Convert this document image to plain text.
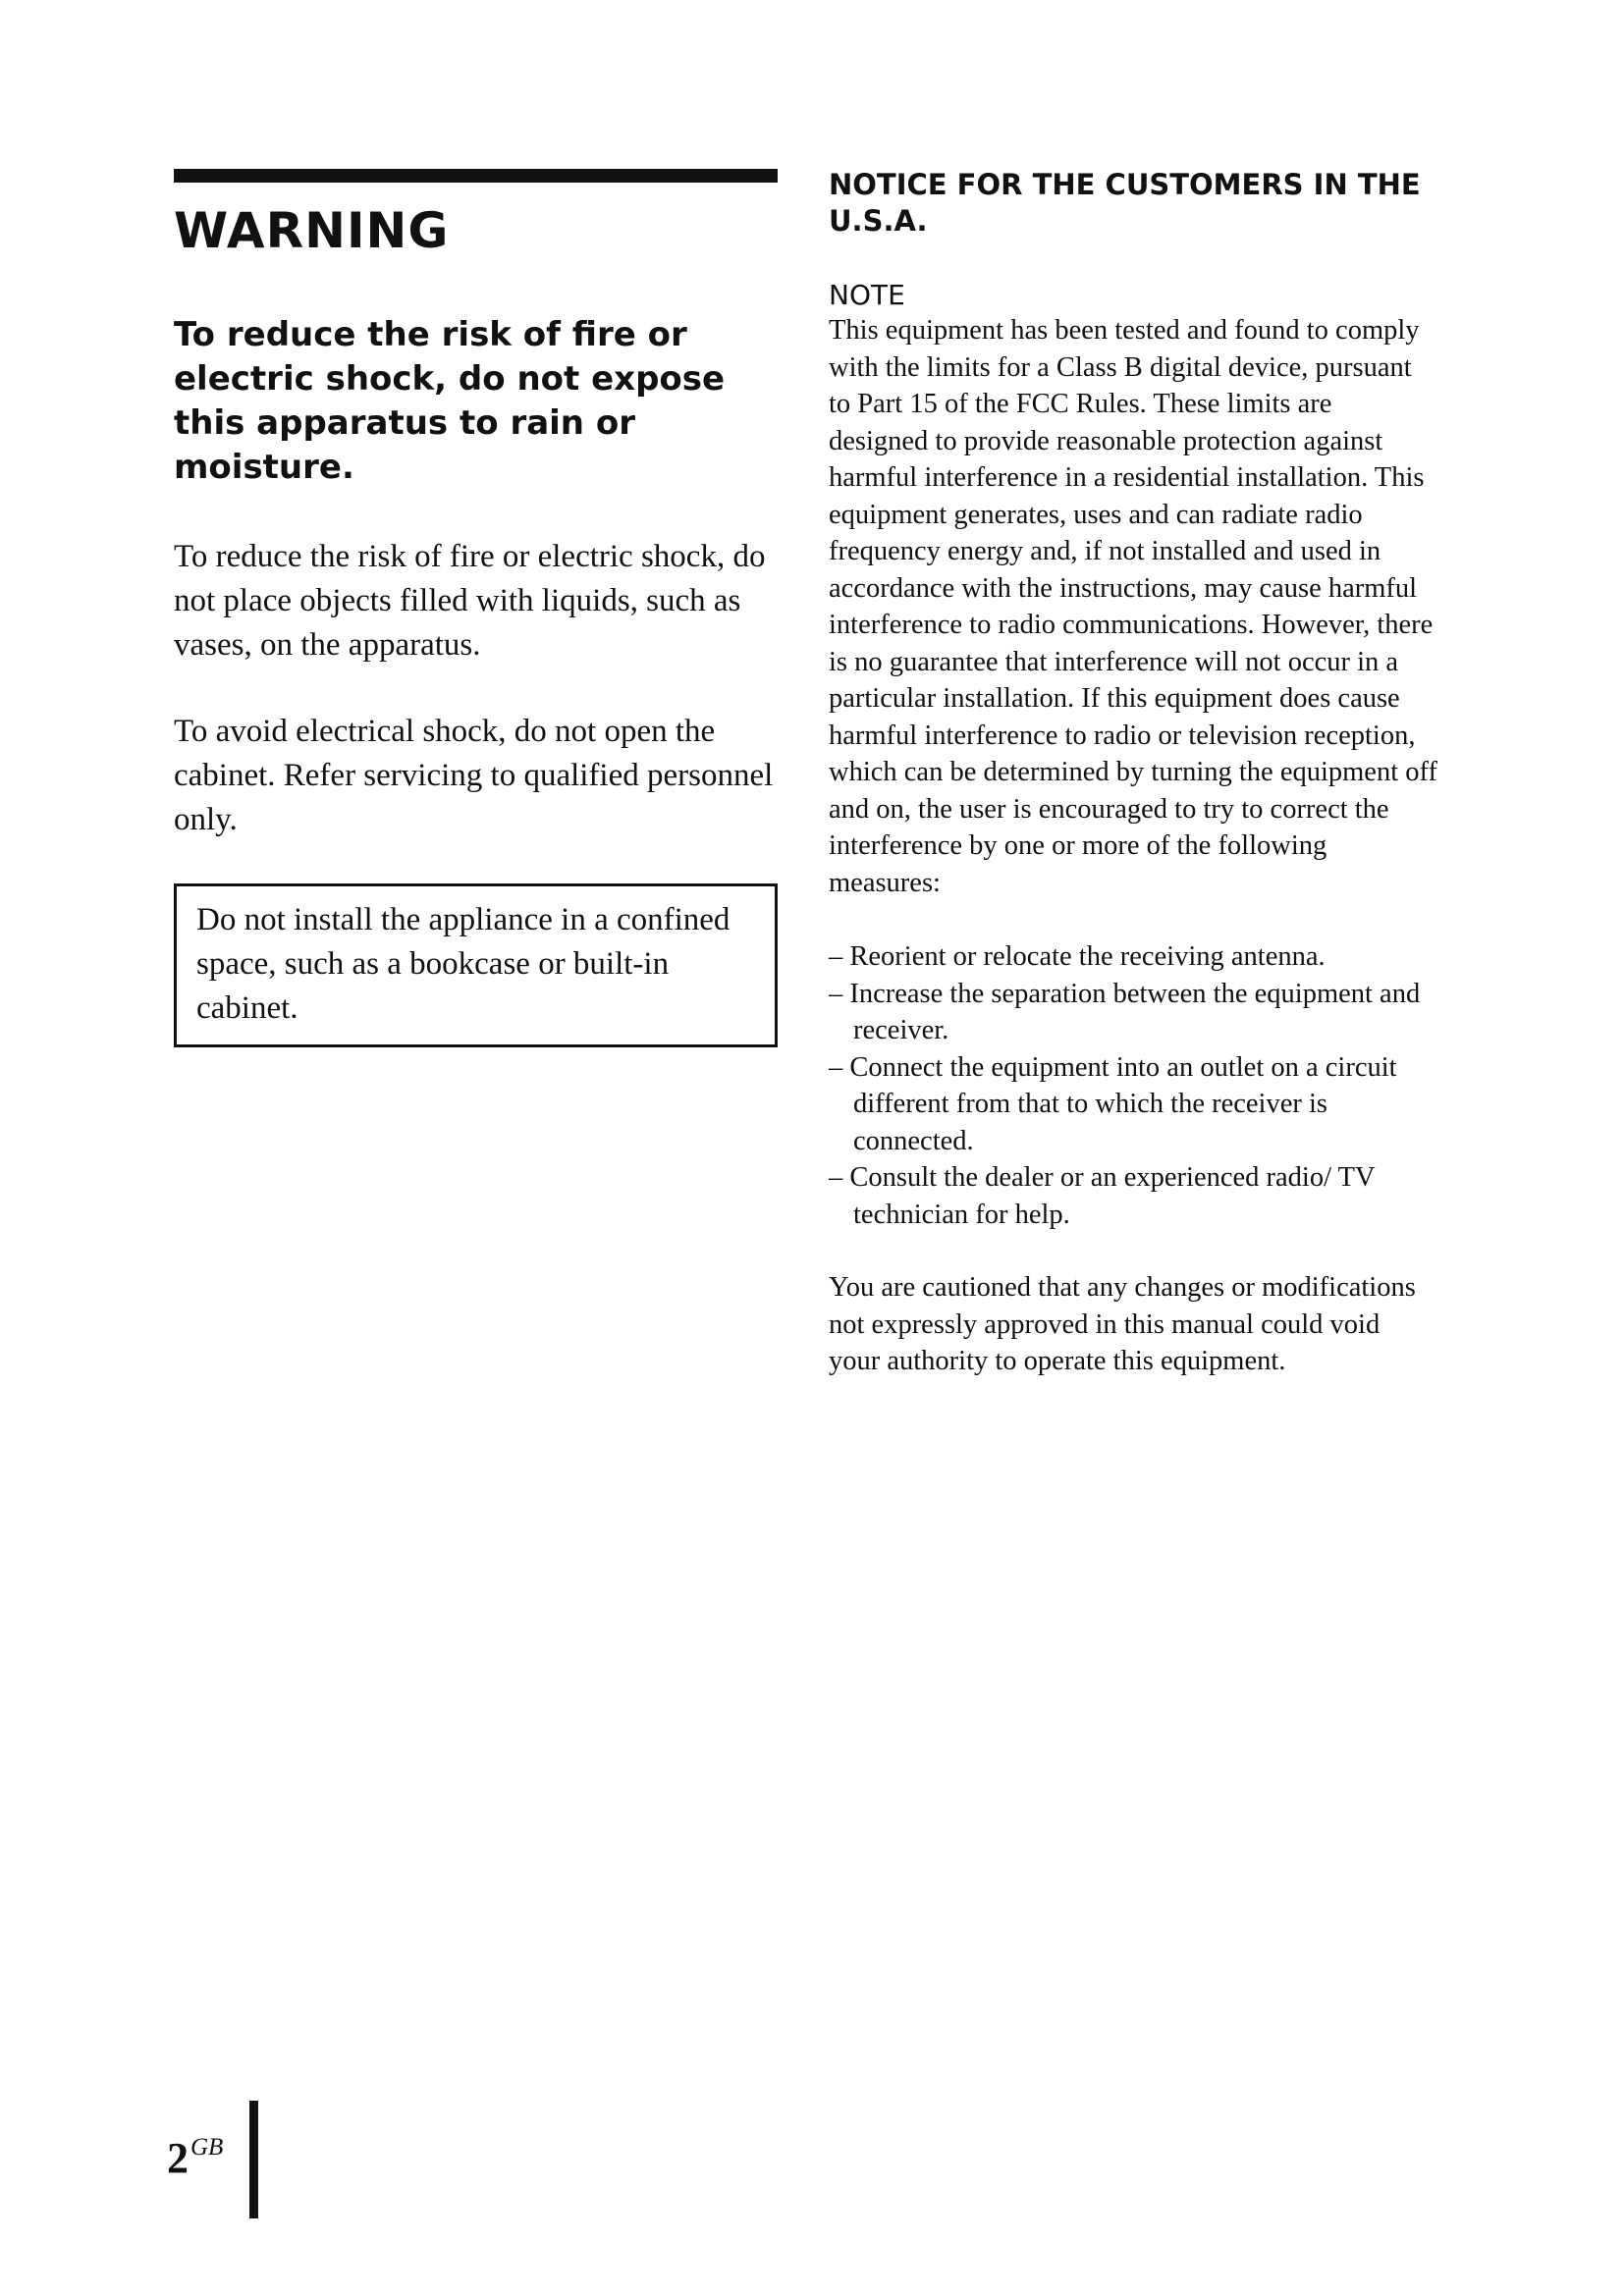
WARNING
To reduce the risk of fire or electric shock, do not expose this apparatus to rain or moisture.

To reduce the risk of fire or electric shock, do not place objects filled with liquids, such as vases, on the apparatus.

To avoid electrical shock, do not open the cabinet. Refer servicing to qualified personnel only.

Do not install the appliance in a confined space, such as a bookcase or built-in cabinet.

NOTICE FOR THE CUSTOMERS IN THE U.S.A.
NOTE

This equipment has been tested and found to comply with the limits for a Class B digital device, pursuant to Part 15 of the FCC Rules. These limits are designed to provide reasonable protection against harmful interference in a residential installation. This equipment generates, uses and can radiate radio frequency energy and, if not installed and used in accordance with the instructions, may cause harmful interference to radio communications. However, there is no guarantee that interference will not occur in a particular installation. If this equipment does cause harmful interference to radio or television reception, which can be determined by turning the equipment off and on, the user is encouraged to try to correct the interference by one or more of the following measures:

– Reorient or relocate the receiving antenna.
– Increase the separation between the equipment and receiver.
– Connect the equipment into an outlet on a circuit different from that to which the receiver is connected.
– Consult the dealer or an experienced radio/ TV technician for help.

You are cautioned that any changes or modifications not expressly approved in this manual could void your authority to operate this equipment.

$2^{GB}$
